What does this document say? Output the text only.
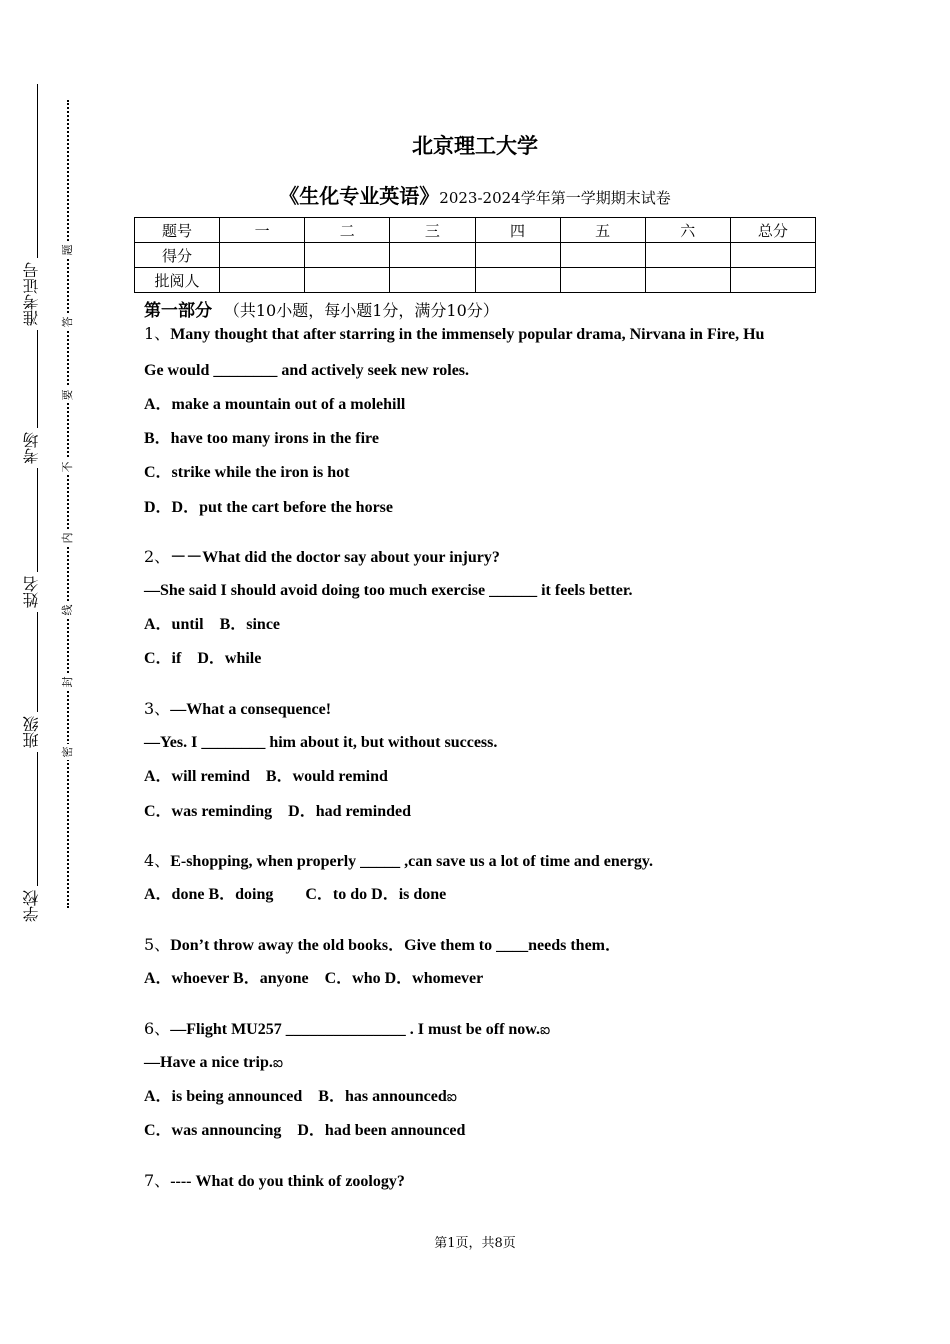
准考证号
考场
姓名
班级
学校
题
答
要
不
内
线
封
密
北京理工大学
《生化专业英语》2023-2024学年第一学期期末试卷
题号	一	二	三	四	五	六	总分
得分							
批阅人							
第一部分 （共10小题，每小题1分，满分10分）
1、Many thought that after starring in the immensely popular drama, Nirvana in Fire, Hu
Ge would ________ and actively seek new roles.
A．make a mountain out of a molehill
B．have too many irons in the fire
C．strike while the iron is hot
D．D．put the cart before the horse
2、－－What did the doctor say about your injury?
—She said I should avoid doing too much exercise ______ it feels better.
A．until　B．since
C．if　D．while
3、—What a consequence!
—Yes. I ________ him about it, but without success.
A．will remind　B．would remind
C．was reminding　D．had reminded
4、E-shopping, when properly _____ ,can save us a lot of time and energy.
A．done B．doing　　C．to do D．is done
5、Don’t throw away the old books．Give them to ____needs them．
A．whoever B．anyone　C．who D．whomever
6、—Flight MU257 _______________ . I must be off now.ఐ
—Have a nice trip.ఐ
A．is being announced　B．has announcedఐ
C．was announcing　D．had been announced
7、---- What do you think of zoology?
第1页，共8页
